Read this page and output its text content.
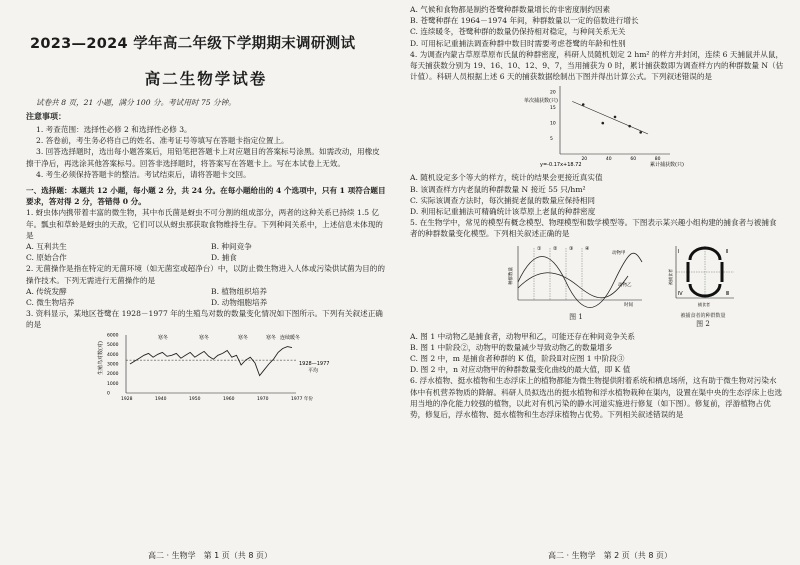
2023—2024 学年高二年级下学期期末调研测试
高二生物学试卷

试卷共 8 页，21 小题，满分 100 分。考试用时 75 分钟。

注意事项：

1. 考查范围：选择性必修 2 和选择性必修 3。

2. 答卷前，考生务必将自己的姓名、准考证号等填写在答题卡指定位置上。

3. 回答选择题时，选出每小题答案后，用铅笔把答题卡上对应题目的答案标号涂黑。如需改动，用橡皮擦干净后，再选涂其他答案标号。回答非选择题时，将答案写在答题卡上。写在本试卷上无效。

4. 考生必须保持答题卡的整洁。考试结束后，请将答题卡交回。

一、选择题：本题共 12 小题，每小题 2 分，共 24 分。在每小题给出的 4 个选项中，只有 1 项符合题目要求，答对得 2 分，答错得 0 分。

1. 蚜虫体内携带着丰富的微生物，其中布氏菌是蚜虫不可分割的组成部分，两者的这种关系已持续 1.5 亿年。瓢虫和草蛉是蚜虫的天敌，它们可以从蚜虫那获取食物维持生存。下列种间关系中，上述信息未体现的是

A. 互利共生	B. 种间竞争

C. 原始合作	D. 捕食

2. 无菌操作是指在特定的无菌环境（如无菌室或超净台）中，以防止微生物进入人体或污染供试菌为目的的操作技术。下列无需进行无菌操作的是

A. 传统发酵	B. 植物组织培养

C. 微生物培养	D. 动物细胞培养

3. 资料显示，某地区苍鹭在 1928－1977 年的生殖鸟对数的数量变化情况如下图所示。下列有关叙述正确的是

生殖鸟对数(对)
6000
5000
4000
3000
2000
1000
0
1928	1940	1950	1960	1970	1977 年份
寒冬	寒冬	寒冬	寒冬 连续暖冬
1928—1977
平均
高二 · 生物学　第 1 页（共 8 页）

A. 气候和食物都是制约苍鹭种群数量增长的非密度制约因素

B. 苍鹭种群在 1964－1974 年间，种群数量以一定的倍数进行增长

C. 连续暖冬，苍鹭种群的数量仍保持相对稳定，与种间关系无关

D. 可用标记重捕法调查种群中数目时需要考虑苍鹭的年龄和性别

4. 为调查内蒙古草原草原布氏鼠的种群密度，科研人员随机划定 2 hm² 的样方并封闭，连续 6 天捕鼠并从鼠，每天捕获数分别为 19、16、10、12、9、7，当用捕获为 0 时，累计捕获数即为调查样方内的种群数量 N（估计值）。科研人员根据上述 6 天的捕获数据绘制出下图并得出计算公式。下列叙述错误的是

单次捕获数(只)
20
15
10
5
20	40	60	80
y=-0.17x+18.72	累计捕获数(只)

A. 随机设定多个等大的样方，统计的结果会更接近真实值

B. 该调查样方内老鼠的种群数量 N 接近 55 只/hm²

C. 实际该调查方法时，每次捕捉老鼠的数量应保持相同

D. 利用标记重捕法可精确统计该草原上老鼠的种群密度

5. 在生物学中，常见的模型有概念模型、物理模型和数学模型等。下图表示某兴趣小组构建的捕食者与被捕食者的种群数量变化模型。下列相关叙述正确的是

种群数量
时间
① ② ③ ④
动物甲
动物乙
图 1
Ⅰ	Ⅱ
Ⅲ
Ⅳ
被捕食者
捕食者
被捕食者的种群数量
图 2

A. 图 1 中动物乙是捕食者，动物甲和乙，可能还存在种间竞争关系

B. 图 1 中阶段②，动物甲的数量减少导致动物乙的数量增多

C. 图 2 中，m 是捕食者种群的 K 值，阶段Ⅱ对应图 1 中阶段③

D. 图 2 中，n 对应动物甲的种群数量变化曲线的最大值，即 K 值

6. 浮水植物、挺水植物和生态浮床上的植物都能为微生物提供附着系统和栖息场所，这有助于微生物对污染水体中有机营养物质的降解。科研人员拟选出的挺水植物和浮水植物栽种在渠内，设置在渠中央的生态浮床上也选用当地的净化能力较强的植物，以此对有机污染的静水河道实施进行修复（如下图）。修复前，浮游植物占优势，修复后，浮水植物、挺水植物和生态浮床植物占优势。下列相关叙述错误的是

高二 · 生物学　第 2 页（共 8 页）
